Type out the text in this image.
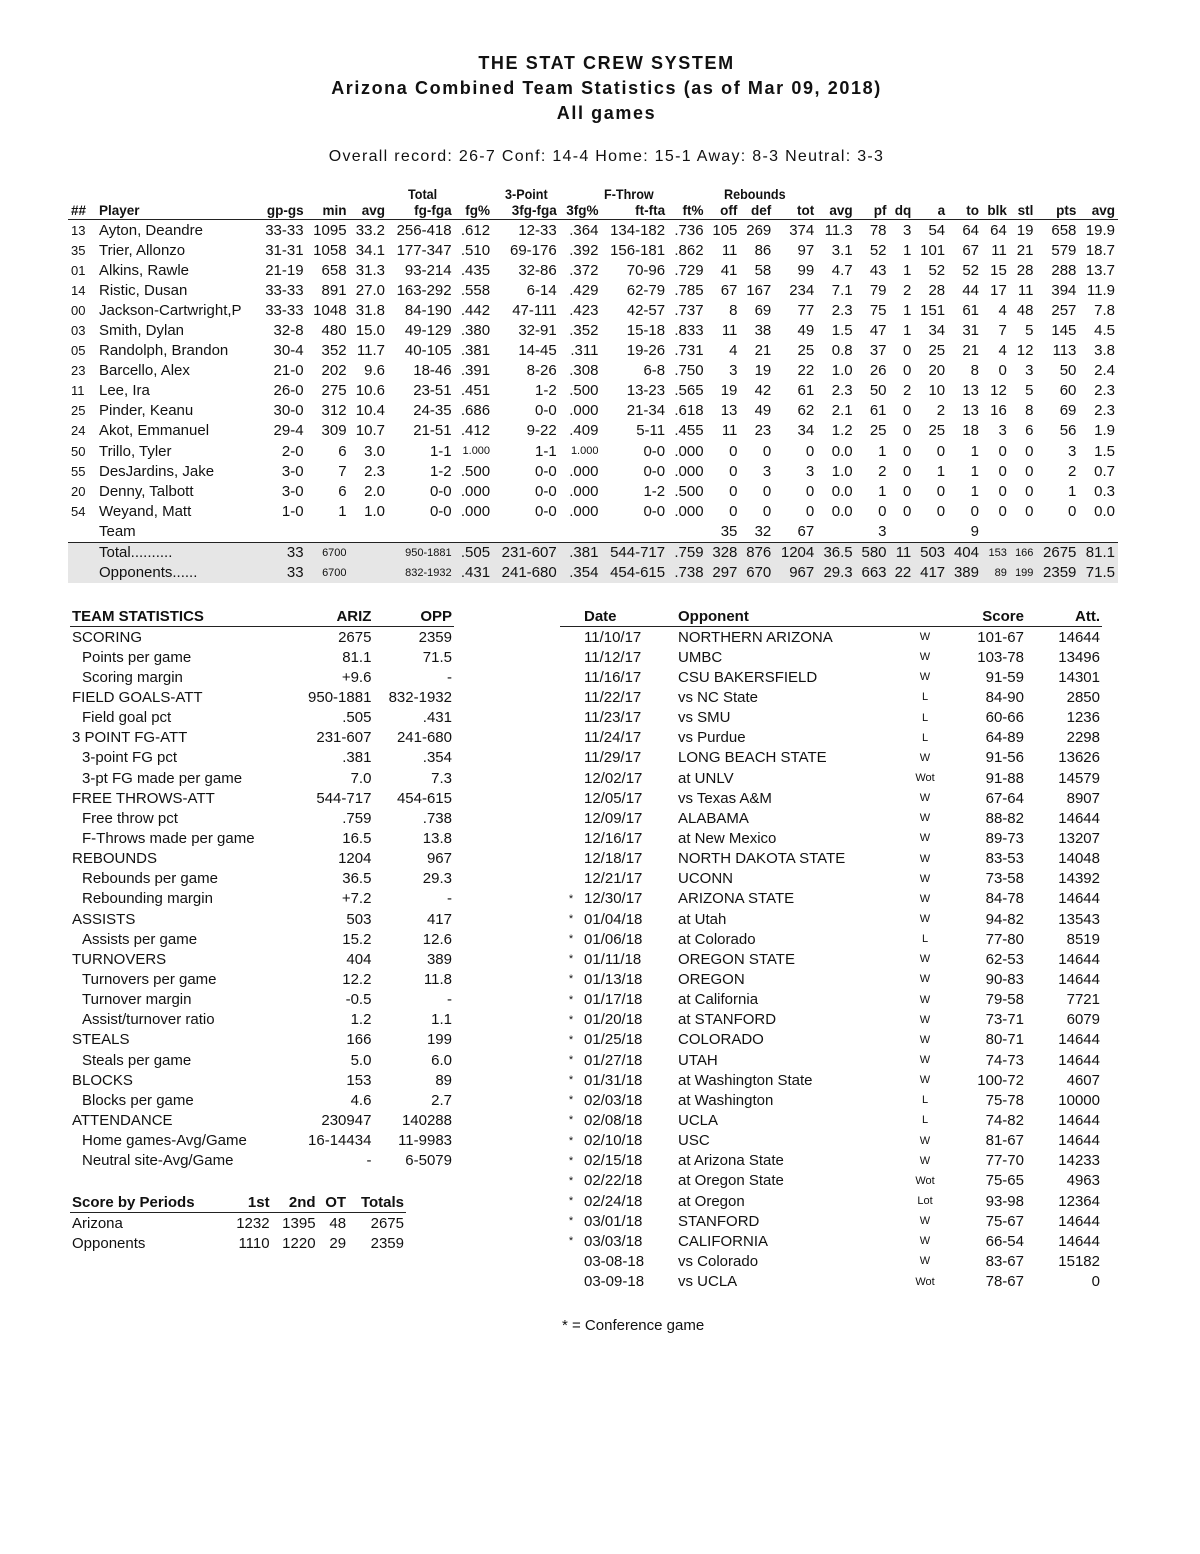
THE STAT CREW SYSTEM
Arizona Combined Team Statistics (as of Mar 09, 2018)
All games
Overall record: 26-7 Conf: 14-4 Home: 15-1 Away: 8-3 Neutral: 3-3
Total	3-Point	F-Throw	Rebounds
##	Player	gp-gs	min	avg	fg-fga	fg%	3fg-fga	3fg%	ft-fta	ft%	off	def	tot	avg	pf	dq	a	to	blk	stl	pts	avg
13	Ayton, Deandre	33-33	1095	33.2	256-418	.612	12-33	.364	134-182	.736	105	269	374	11.3	78	3	54	64	64	19	658	19.9
35	Trier, Allonzo	31-31	1058	34.1	177-347	.510	69-176	.392	156-181	.862	11	86	97	3.1	52	1	101	67	11	21	579	18.7
01	Alkins, Rawle	21-19	658	31.3	93-214	.435	32-86	.372	70-96	.729	41	58	99	4.7	43	1	52	52	15	28	288	13.7
14	Ristic, Dusan	33-33	891	27.0	163-292	.558	6-14	.429	62-79	.785	67	167	234	7.1	79	2	28	44	17	11	394	11.9
00	Jackson-Cartwright,P	33-33	1048	31.8	84-190	.442	47-111	.423	42-57	.737	8	69	77	2.3	75	1	151	61	4	48	257	7.8
03	Smith, Dylan	32-8	480	15.0	49-129	.380	32-91	.352	15-18	.833	11	38	49	1.5	47	1	34	31	7	5	145	4.5
05	Randolph, Brandon	30-4	352	11.7	40-105	.381	14-45	.311	19-26	.731	4	21	25	0.8	37	0	25	21	4	12	113	3.8
23	Barcello, Alex	21-0	202	9.6	18-46	.391	8-26	.308	6-8	.750	3	19	22	1.0	26	0	20	8	0	3	50	2.4
11	Lee, Ira	26-0	275	10.6	23-51	.451	1-2	.500	13-23	.565	19	42	61	2.3	50	2	10	13	12	5	60	2.3
25	Pinder, Keanu	30-0	312	10.4	24-35	.686	0-0	.000	21-34	.618	13	49	62	2.1	61	0	2	13	16	8	69	2.3
24	Akot, Emmanuel	29-4	309	10.7	21-51	.412	9-22	.409	5-11	.455	11	23	34	1.2	25	0	25	18	3	6	56	1.9
50	Trillo, Tyler	2-0	6	3.0	1-1	1.000	1-1	1.000	0-0	.000	0	0	0	0.0	1	0	0	1	0	0	3	1.5
55	DesJardins, Jake	3-0	7	2.3	1-2	.500	0-0	.000	0-0	.000	0	3	3	1.0	2	0	1	1	0	0	2	0.7
20	Denny, Talbott	3-0	6	2.0	0-0	.000	0-0	.000	1-2	.500	0	0	0	0.0	1	0	0	1	0	0	1	0.3
54	Weyand, Matt	1-0	1	1.0	0-0	.000	0-0	.000	0-0	.000	0	0	0	0.0	0	0	0	0	0	0	0	0.0
	Team										35	32	67		3			9				
	Total..........	33	6700		950-1881	.505	231-607	.381	544-717	.759	328	876	1204	36.5	580	11	503	404	153	166	2675	81.1
	Opponents......	33	6700		832-1932	.431	241-680	.354	454-615	.738	297	670	967	29.3	663	22	417	389	89	199	2359	71.5
TEAM STATISTICS	ARIZ	OPP
SCORING	2675	2359
Points per game	81.1	71.5
Scoring margin	+9.6	-
FIELD GOALS-ATT	950-1881	832-1932
Field goal pct	.505	.431
3 POINT FG-ATT	231-607	241-680
3-point FG pct	.381	.354
3-pt FG made per game	7.0	7.3
FREE THROWS-ATT	544-717	454-615
Free throw pct	.759	.738
F-Throws made per game	16.5	13.8
REBOUNDS	1204	967
Rebounds per game	36.5	29.3
Rebounding margin	+7.2	-
ASSISTS	503	417
Assists per game	15.2	12.6
TURNOVERS	404	389
Turnovers per game	12.2	11.8
Turnover margin	-0.5	-
Assist/turnover ratio	1.2	1.1
STEALS	166	199
Steals per game	5.0	6.0
BLOCKS	153	89
Blocks per game	4.6	2.7
ATTENDANCE	230947	140288
Home games-Avg/Game	16-14434	11-9983
Neutral site-Avg/Game	-	6-5079
Score by Periods	1st	2nd	OT	Totals
Arizona	1232	1395	48	2675
Opponents	1110	1220	29	2359
	Date	Opponent		Score	Att.
	11/10/17	NORTHERN ARIZONA	W	101-67	14644
	11/12/17	UMBC	W	103-78	13496
	11/16/17	CSU BAKERSFIELD	W	91-59	14301
	11/22/17	vs NC State	L	84-90	2850
	11/23/17	vs SMU	L	60-66	1236
	11/24/17	vs Purdue	L	64-89	2298
	11/29/17	LONG BEACH STATE	W	91-56	13626
	12/02/17	at UNLV	Wot	91-88	14579
	12/05/17	vs Texas A&M	W	67-64	8907
	12/09/17	ALABAMA	W	88-82	14644
	12/16/17	at New Mexico	W	89-73	13207
	12/18/17	NORTH DAKOTA STATE	W	83-53	14048
	12/21/17	UCONN	W	73-58	14392
*	12/30/17	ARIZONA STATE	W	84-78	14644
*	01/04/18	at Utah	W	94-82	13543
*	01/06/18	at Colorado	L	77-80	8519
*	01/11/18	OREGON STATE	W	62-53	14644
*	01/13/18	OREGON	W	90-83	14644
*	01/17/18	at California	W	79-58	7721
*	01/20/18	at STANFORD	W	73-71	6079
*	01/25/18	COLORADO	W	80-71	14644
*	01/27/18	UTAH	W	74-73	14644
*	01/31/18	at Washington State	W	100-72	4607
*	02/03/18	at Washington	L	75-78	10000
*	02/08/18	UCLA	L	74-82	14644
*	02/10/18	USC	W	81-67	14644
*	02/15/18	at Arizona State	W	77-70	14233
*	02/22/18	at Oregon State	Wot	75-65	4963
*	02/24/18	at Oregon	Lot	93-98	12364
*	03/01/18	STANFORD	W	75-67	14644
*	03/03/18	CALIFORNIA	W	66-54	14644
	03-08-18	vs Colorado	W	83-67	15182
	03-09-18	vs UCLA	Wot	78-67	0
* = Conference game
